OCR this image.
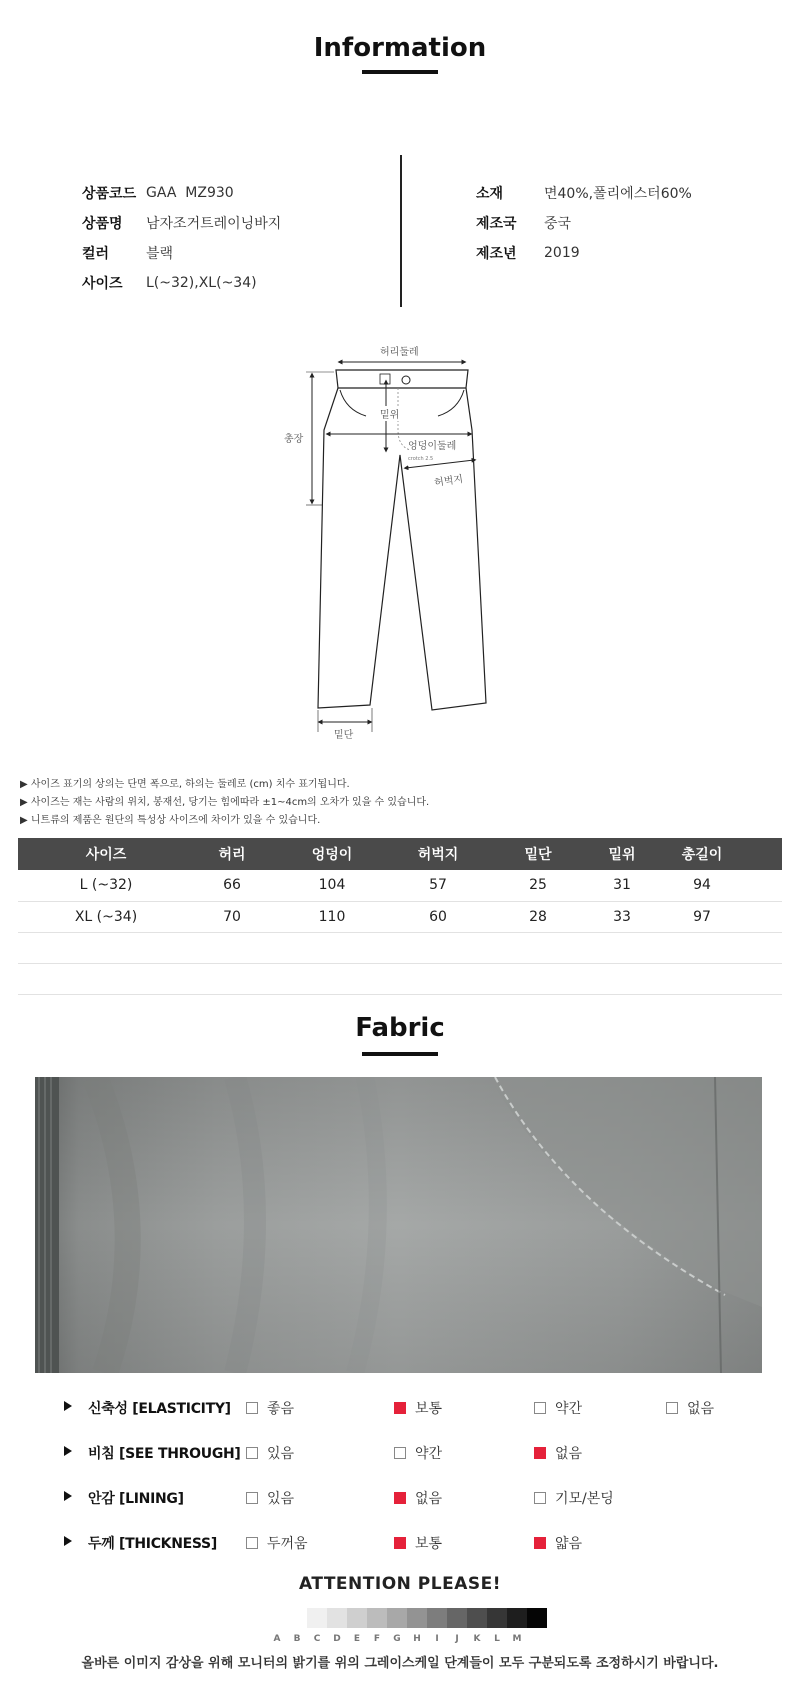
Information
상품코드 GAA  MZ930
상품명	남자조거트레이닝바지
컬러	블랙
사이즈	L(~32),XL(~34)
소재	면40%,폴리에스터60%
제조국	중국
제조년	2019
허리둘레
총장
밑위
엉덩이둘레
crotch 2.5
허벅지
밑단
▶ 사이즈 표기의 상의는 단면 폭으로, 하의는 둘레로 (cm) 치수 표기됩니다.
▶ 사이즈는 재는 사람의 위치, 봉재선, 당기는 힘에따라 ±1~4cm의 오차가 있을 수 있습니다.
▶ 니트류의 제품은 원단의 특성상 사이즈에 차이가 있을 수 있습니다.
사이즈	허리	엉덩이	허벅지	밑단	밑위	총길이	
L (~32)	66	104	57	25	31	94	
XL (~34)	70	110	60	28	33	97	

Fabric
신축성 [ELASTICITY]	좋음	보통	약간	없음
비침 [SEE THROUGH] 있음	약간	없음
안감 [LINING]	있음	없음	기모/본딩
두께 [THICKNESS]	두꺼움	보통	얇음
ATTENTION PLEASE!
A	B	C	D	E	F	G	H	I	J	K	L	M
올바른 이미지 감상을 위해 모니터의 밝기를 위의 그레이스케일 단계들이 모두 구분되도록 조정하시기 바랍니다.
